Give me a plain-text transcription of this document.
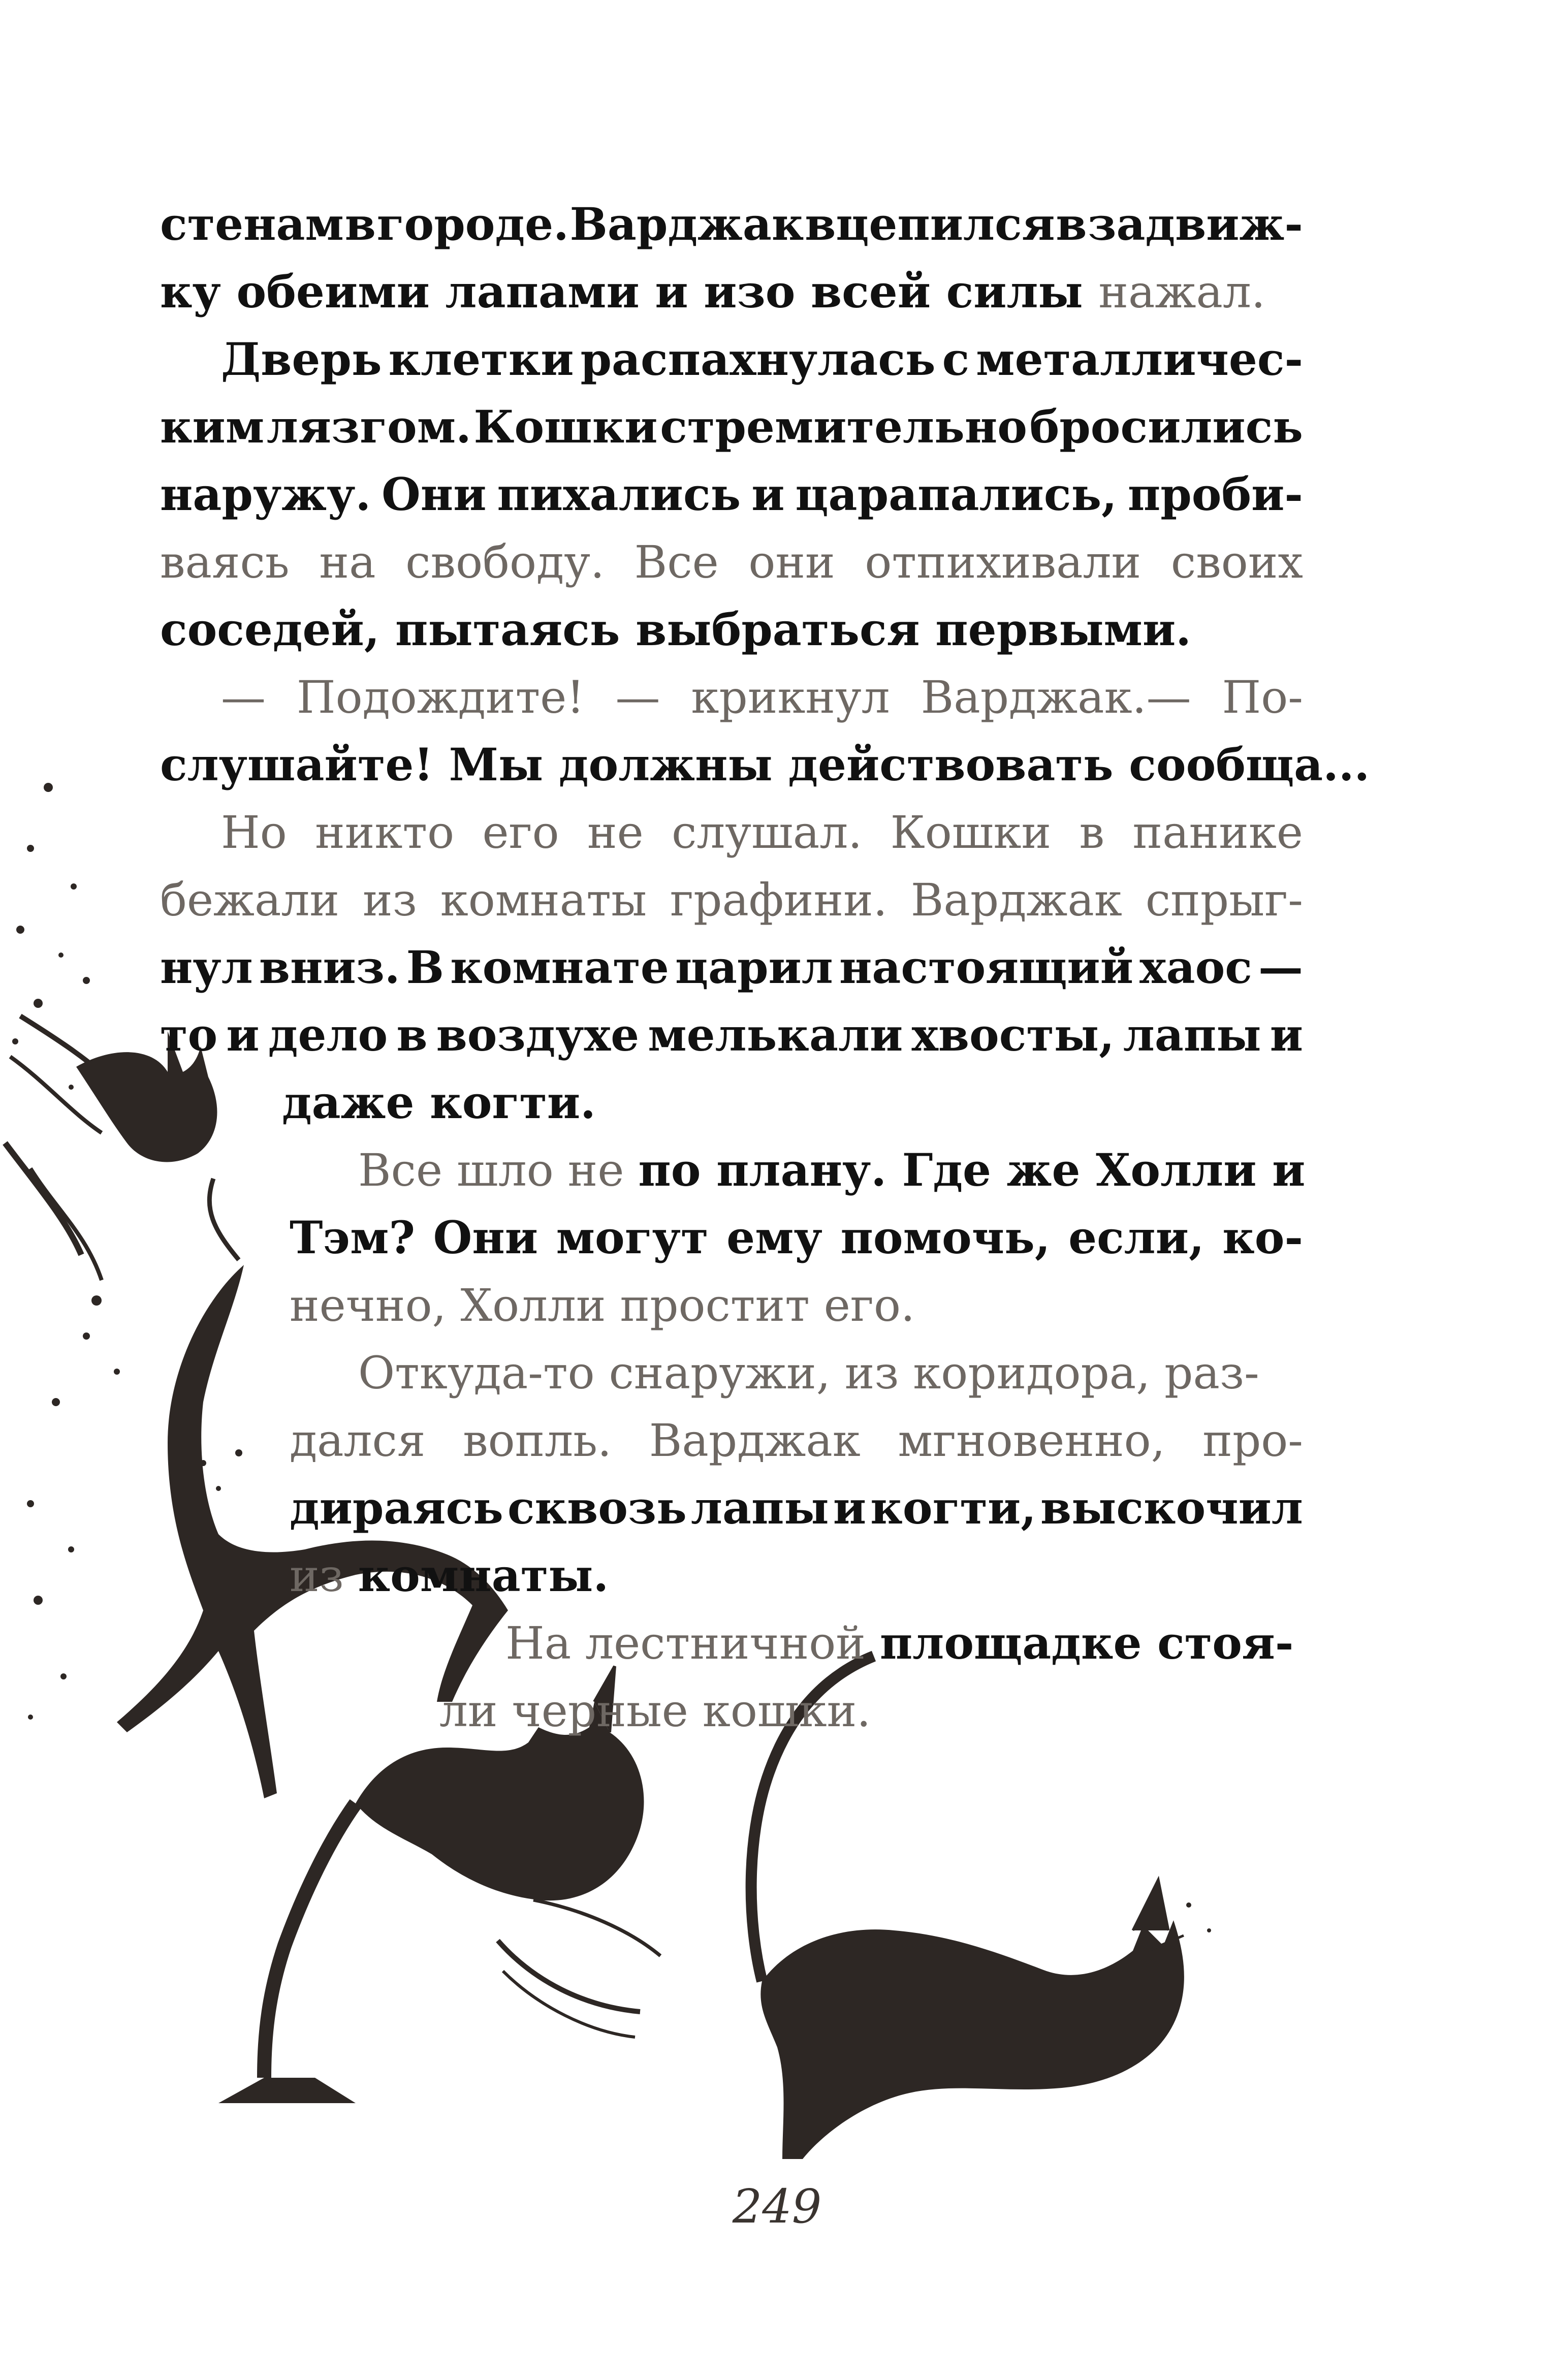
стенам в городе. Варджак вцепился в задвиж-
ку обеими лапами и изо всей силы нажал.
Дверь клетки распахнулась с металличес-
ким лязгом. Кошки стремительно бросились
наружу. Они пихались и царапались, проби-
ваясь на свободу. Все они отпихивали своих
соседей, пытаясь выбраться первыми.
— Подождите! — крикнул Варджак.— По-
слушайте! Мы должны действовать сообща...
Но никто его не слушал. Кошки в панике
бежали из комнаты графини. Варджак спрыг-
нул вниз. В комнате царил настоящий хаос —
то и дело в воздухе мелькали хвосты, лапы и
даже когти.
Все шло не по плану. Где же Холли и
Тэм? Они могут ему помочь, если, ко-
нечно, Холли простит его.
Откуда-то снаружи, из коридора, раз-
дался вопль. Варджак мгновенно, про-
дираясь сквозь лапы и когти, выскочил
из комнаты.
На лестничной площадке стоя-
ли черные кошки.
249
